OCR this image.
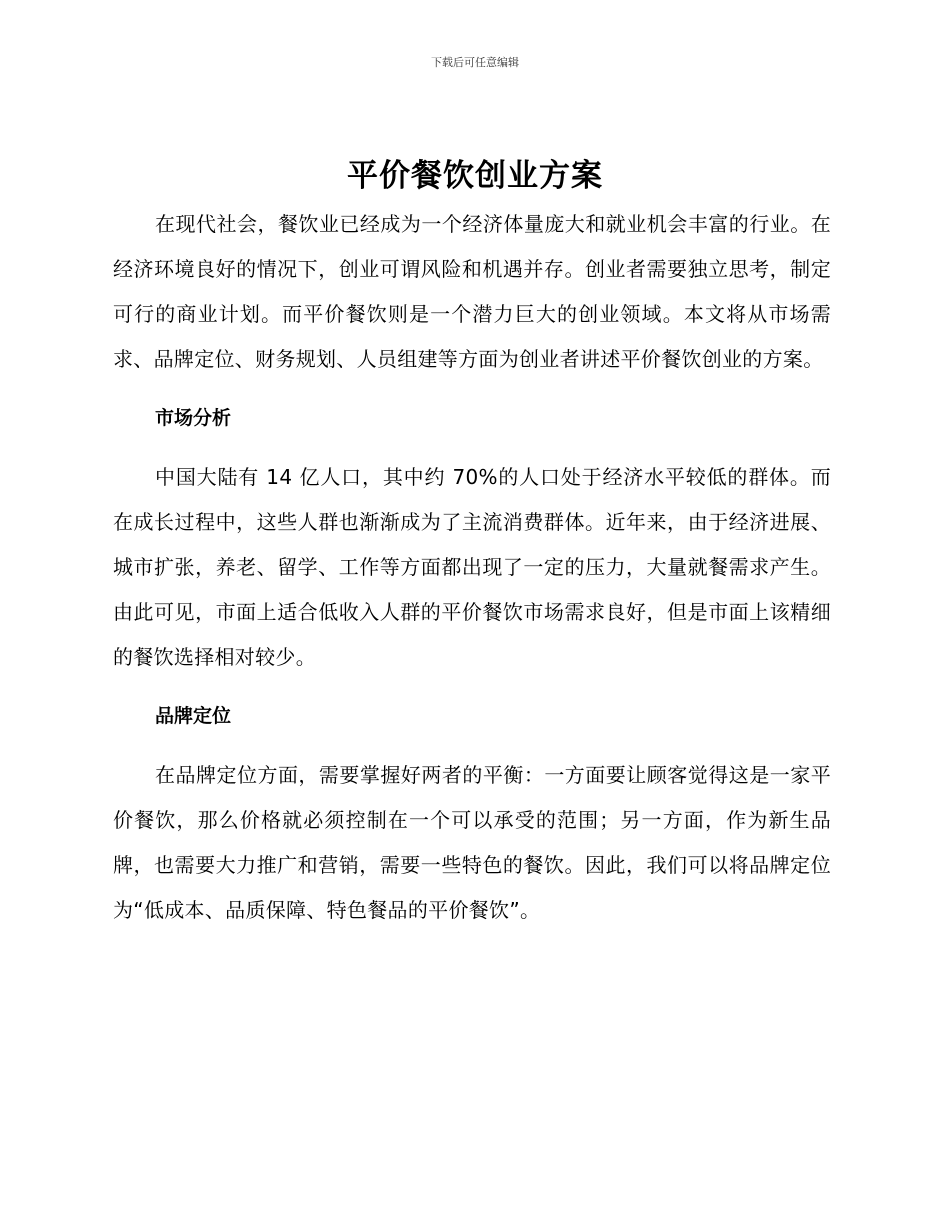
下载后可任意编辑
平价餐饮创业方案

在现代社会，餐饮业已经成为一个经济体量庞大和就业机会丰富的行业。在经济环境良好的情况下，创业可谓风险和机遇并存。创业者需要独立思考，制定可行的商业计划。而平价餐饮则是一个潜力巨大的创业领域。本文将从市场需求、品牌定位、财务规划、人员组建等方面为创业者讲述平价餐饮创业的方案。

市场分析

中国大陆有 14 亿人口，其中约 70%的人口处于经济水平较低的群体。而在成长过程中，这些人群也渐渐成为了主流消费群体。近年来，由于经济进展、城市扩张，养老、留学、工作等方面都出现了一定的压力，大量就餐需求产生。由此可见，市面上适合低收入人群的平价餐饮市场需求良好，但是市面上该精细的餐饮选择相对较少。

品牌定位

在品牌定位方面，需要掌握好两者的平衡：一方面要让顾客觉得这是一家平价餐饮，那么价格就必须控制在一个可以承受的范围；另一方面，作为新生品牌，也需要大力推广和营销，需要一些特色的餐饮。因此，我们可以将品牌定位为“低成本、品质保障、特色餐品的平价餐饮”。
